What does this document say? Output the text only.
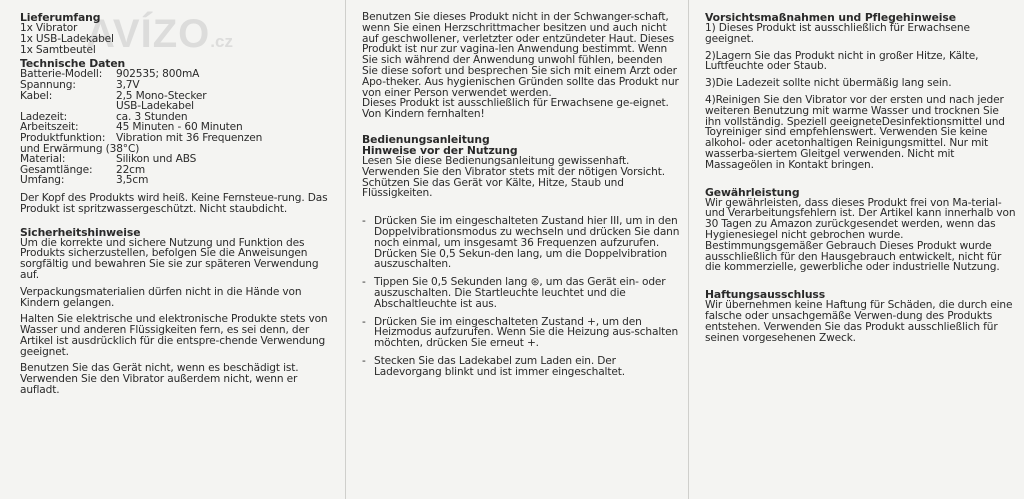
AVÍZO.cz
Lieferumfang
1x Vibrator
1x USB-Ladekabel
1x Samtbeutel
Technische Daten
Batterie-Modell:	902535; 800mA
Spannung:	3,7V
Kabel:	2,5 Mono-Stecker
USB-Ladekabel
Ladezeit:	ca. 3 Stunden
Arbeitszeit:	45 Minuten - 60 Minuten
Produktfunktion:	Vibration mit 36 Frequenzen
und Erwärmung (38°C)
Material:	Silikon und ABS
Gesamtlänge:	22cm
Umfang:	3,5cm
Der Kopf des Produkts wird heiß. Keine Fernsteue-rung. Das Produkt ist spritzwassergeschützt. Nicht staubdicht.
Sicherheitshinweise
Um die korrekte und sichere Nutzung und Funktion des Produkts sicherzustellen, befolgen Sie die Anweisungen sorgfältig und bewahren Sie sie zur späteren Verwendung auf.
Verpackungsmaterialien dürfen nicht in die Hände von Kindern gelangen.
Halten Sie elektrische und elektronische Produkte stets von Wasser und anderen Flüssigkeiten fern, es sei denn, der Artikel ist ausdrücklich für die entspre-chende Verwendung geeignet.
Benutzen Sie das Gerät nicht, wenn es beschädigt ist. Verwenden Sie den Vibrator außerdem nicht, wenn er aufladt.
Benutzen Sie dieses Produkt nicht in der Schwanger-schaft, wenn Sie einen Herzschrittmacher besitzen und auch nicht auf geschwollener, verletzter oder entzündeter Haut. Dieses Produkt ist nur zur vagina-len Anwendung bestimmt. Wenn Sie sich während der Anwendung unwohl fühlen, beenden Sie diese sofort und besprechen Sie sich mit einem Arzt oder Apo-theker. Aus hygienischen Gründen sollte das Produkt nur von einer Person verwendet werden.
Dieses Produkt ist ausschließlich für Erwachsene ge-eignet. Von Kindern fernhalten!
Bedienungsanleitung
Hinweise vor der Nutzung
Lesen Sie diese Bedienungsanleitung gewissenhaft. Verwenden Sie den Vibrator stets mit der nötigen Vorsicht. Schützen Sie das Gerät vor Kälte, Hitze, Staub und Flüssigkeiten.
- Drücken Sie im eingeschalteten Zustand hier III, um in den Doppelvibrationsmodus zu wechseln und drücken Sie dann noch einmal, um insgesamt 36 Frequenzen aufzurufen. Drücken Sie 0,5 Sekun-den lang, um die Doppelvibration auszuschalten.
- Tippen Sie 0,5 Sekunden lang ⊛, um das Gerät ein- oder auszuschalten. Die Startleuchte leuchtet und die Abschaltleuchte ist aus.
- Drücken Sie im eingeschalteten Zustand +, um den Heizmodus aufzurufen. Wenn Sie die Heizung aus-schalten möchten, drücken Sie erneut +.
- Stecken Sie das Ladekabel zum Laden ein. Der Ladevorgang blinkt und ist immer eingeschaltet.
Vorsichtsmaßnahmen und Pflegehinweise
1) Dieses Produkt ist ausschließlich für Erwachsene geeignet.
2)Lagern Sie das Produkt nicht in großer Hitze, Kälte, Luftfeuchte oder Staub.
3)Die Ladezeit sollte nicht übermäßig lang sein.
4)Reinigen Sie den Vibrator vor der ersten und nach jeder weiteren Benutzung mit warme Wasser und trocknen Sie ihn vollständig. Speziell geeigneteDesinfektionsmittel und Toyreiniger sind empfehlenswert. Verwenden Sie keine alkohol- oder acetonhaltigen Reinigungsmittel. Nur mit wasserba-siertem Gleitgel verwenden. Nicht mit Massageölen in Kontakt bringen.
Gewährleistung
Wir gewährleisten, dass dieses Produkt frei von Ma-terial- und Verarbeitungsfehlern ist. Der Artikel kann innerhalb von 30 Tagen zu Amazon zurückgesendet werden, wenn das Hygienesiegel nicht gebrochen wurde. Bestimmungsgemäßer Gebrauch Dieses Produkt wurde ausschließlich für den Hausgebrauch entwickelt, nicht für die kommerzielle, gewerbliche oder industrielle Nutzung.
Haftungsausschluss
Wir übernehmen keine Haftung für Schäden, die durch eine falsche oder unsachgemäße Verwen-dung des Produkts entstehen. Verwenden Sie das Produkt ausschließlich für seinen vorgesehenen Zweck.
